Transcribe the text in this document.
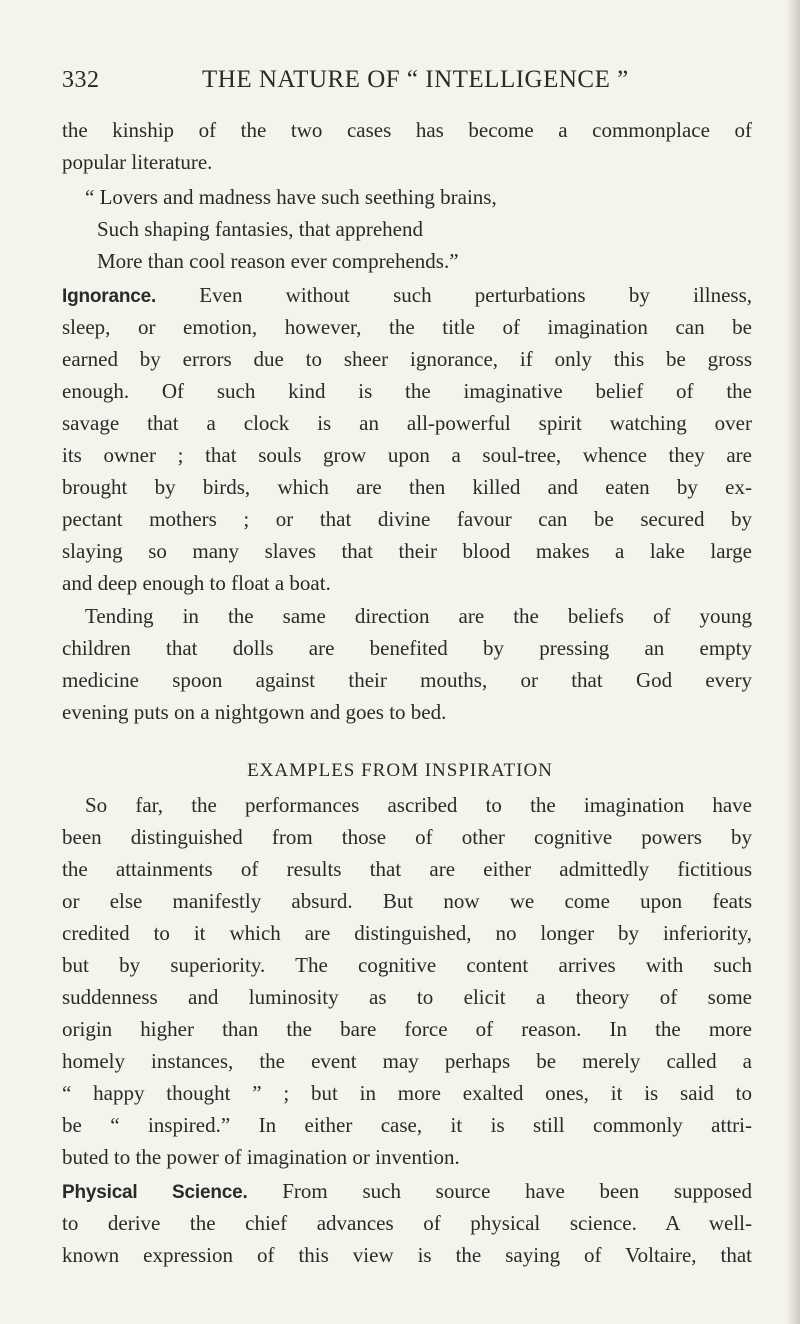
332	THE NATURE OF “ INTELLIGENCE ”
the kinship of the two cases has become a commonplace of
popular literature.
“ Lovers and madness have such seething brains,
Such shaping fantasies, that apprehend
More than cool reason ever comprehends.”
Ignorance. Even without such perturbations by illness,
sleep, or emotion, however, the title of imagination can be
earned by errors due to sheer ignorance, if only this be gross
enough. Of such kind is the imaginative belief of the
savage that a clock is an all-powerful spirit watching over
its owner ; that souls grow upon a soul-tree, whence they are
brought by birds, which are then killed and eaten by ex-
pectant mothers ; or that divine favour can be secured by
slaying so many slaves that their blood makes a lake large
and deep enough to float a boat.
Tending in the same direction are the beliefs of young
children that dolls are benefited by pressing an empty
medicine spoon against their mouths, or that God every
evening puts on a nightgown and goes to bed.
EXAMPLES FROM INSPIRATION
So far, the performances ascribed to the imagination have
been distinguished from those of other cognitive powers by
the attainments of results that are either admittedly fictitious
or else manifestly absurd. But now we come upon feats
credited to it which are distinguished, no longer by inferiority,
but by superiority. The cognitive content arrives with such
suddenness and luminosity as to elicit a theory of some
origin higher than the bare force of reason. In the more
homely instances, the event may perhaps be merely called a
“ happy thought ” ; but in more exalted ones, it is said to
be “ inspired.” In either case, it is still commonly attri-
buted to the power of imagination or invention.
Physical Science. From such source have been supposed
to derive the chief advances of physical science. A well-
known expression of this view is the saying of Voltaire, that
